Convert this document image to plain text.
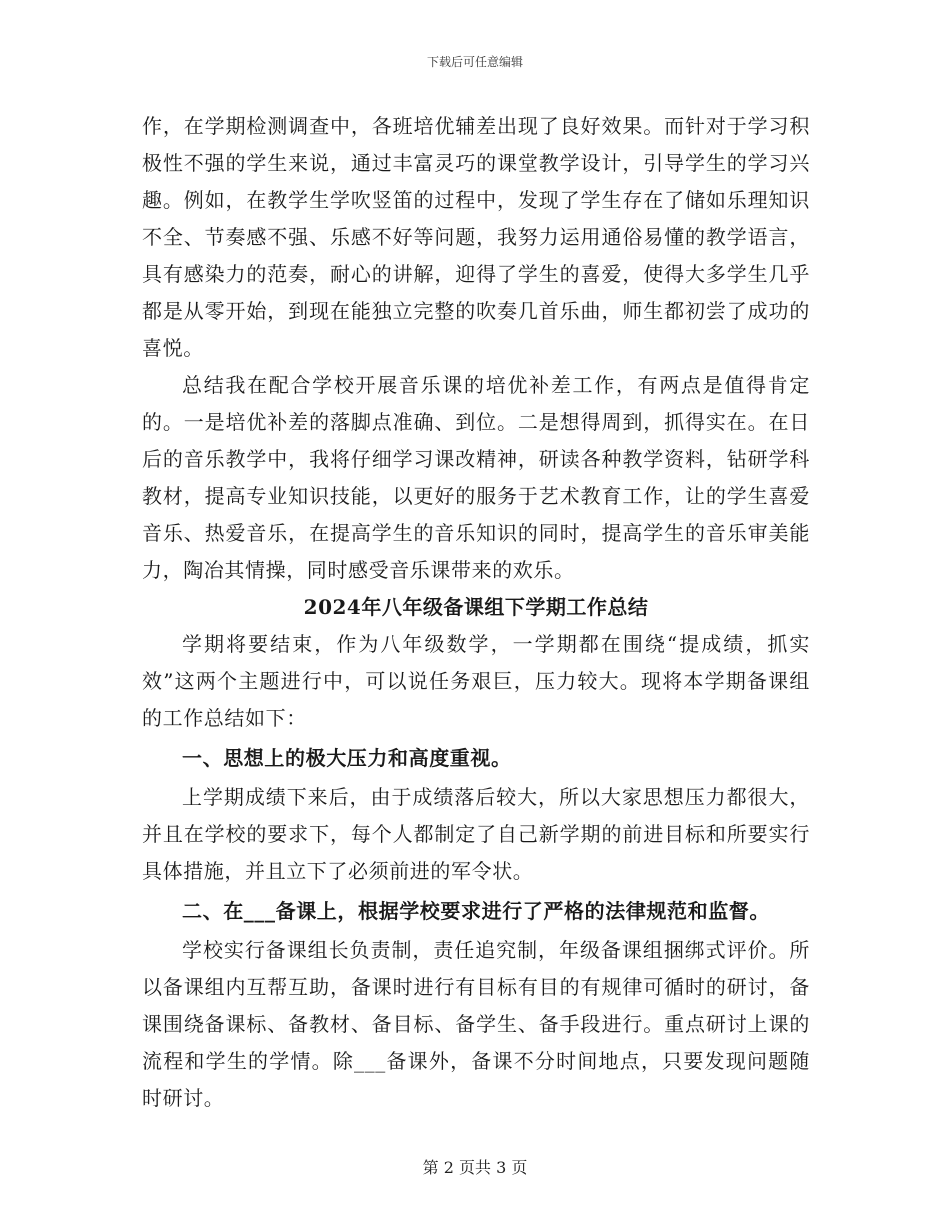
下载后可任意编辑

作，在学期检测调查中，各班培优辅差出现了良好效果。而针对于学习积极性不强的学生来说，通过丰富灵巧的课堂教学设计，引导学生的学习兴趣。例如，在教学生学吹竖笛的过程中，发现了学生存在了储如乐理知识不全、节奏感不强、乐感不好等问题，我努力运用通俗易懂的教学语言，具有感染力的范奏，耐心的讲解，迎得了学生的喜爱，使得大多学生几乎都是从零开始，到现在能独立完整的吹奏几首乐曲，师生都初尝了成功的喜悦。

总结我在配合学校开展音乐课的培优补差工作，有两点是值得肯定的。一是培优补差的落脚点准确、到位。二是想得周到，抓得实在。在日后的音乐教学中，我将仔细学习课改精神，研读各种教学资料，钻研学科教材，提高专业知识技能，以更好的服务于艺术教育工作，让的学生喜爱音乐、热爱音乐，在提高学生的音乐知识的同时，提高学生的音乐审美能力，陶冶其情操，同时感受音乐课带来的欢乐。

2024年八年级备课组下学期工作总结

学期将要结束，作为八年级数学，一学期都在围绕“提成绩，抓实效”这两个主题进行中，可以说任务艰巨，压力较大。现将本学期备课组的工作总结如下：

一、思想上的极大压力和高度重视。

上学期成绩下来后，由于成绩落后较大，所以大家思想压力都很大，并且在学校的要求下，每个人都制定了自己新学期的前进目标和所要实行具体措施，并且立下了必须前进的军令状。

二、在___备课上，根据学校要求进行了严格的法律规范和监督。

学校实行备课组长负责制，责任追究制，年级备课组捆绑式评价。所以备课组内互帮互助，备课时进行有目标有目的有规律可循时的研讨，备课围绕备课标、备教材、备目标、备学生、备手段进行。重点研讨上课的流程和学生的学情。除___备课外，备课不分时间地点，只要发现问题随时研讨。

第 2 页共 3 页
